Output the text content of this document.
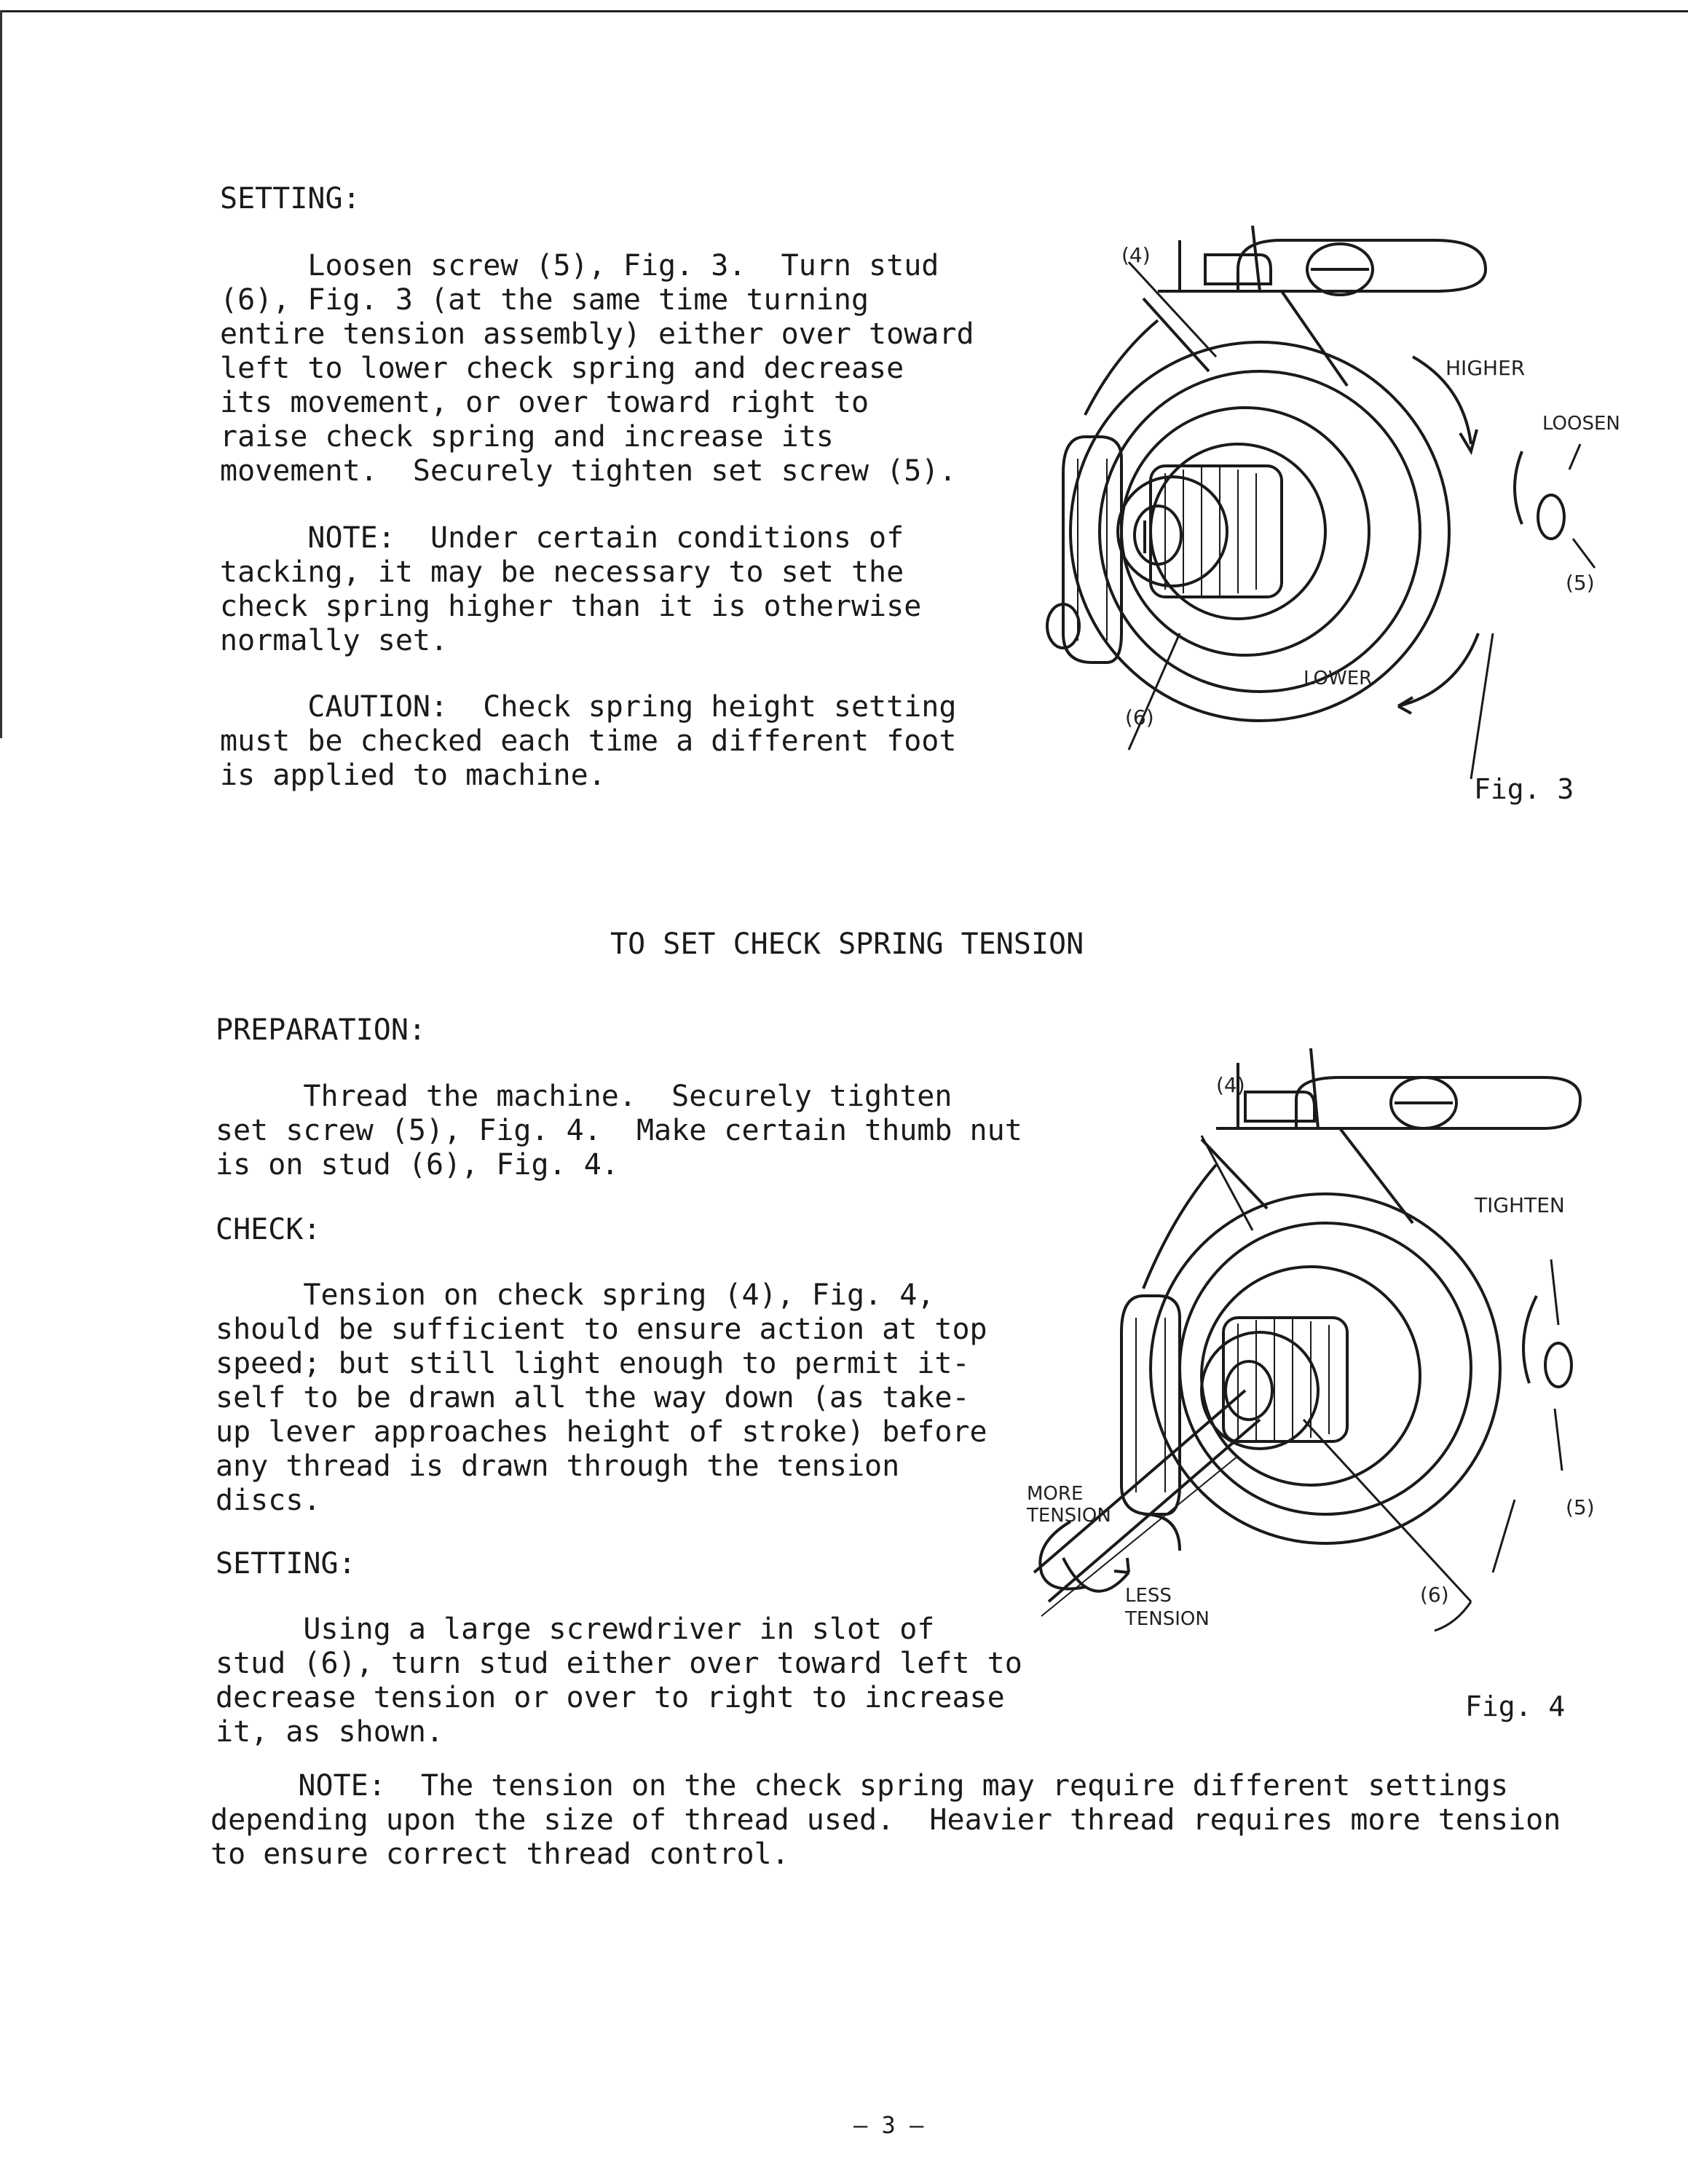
SETTING:
Loosen screw (5), Fig. 3.  Turn stud
(6), Fig. 3 (at the same time turning
entire tension assembly) either over toward
left to lower check spring and decrease
its movement, or over toward right to
raise check spring and increase its
movement.  Securely tighten set screw (5).
NOTE:  Under certain conditions of
tacking, it may be necessary to set the
check spring higher than it is otherwise
normally set.
CAUTION:  Check spring height setting
must be checked each time a different foot
is applied to machine.
(4)
HIGHER
LOOSEN
(5)
LOWER
(6)
Fig. 3
TO SET CHECK SPRING TENSION
PREPARATION:
Thread the machine.  Securely tighten
set screw (5), Fig. 4.  Make certain thumb nut
is on stud (6), Fig. 4.
CHECK:
Tension on check spring (4), Fig. 4,
should be sufficient to ensure action at top
speed; but still light enough to permit it-
self to be drawn all the way down (as take-
up lever approaches height of stroke) before
any thread is drawn through the tension
discs.
SETTING:
Using a large screwdriver in slot of
stud (6), turn stud either over toward left to
decrease tension or over to right to increase
it, as shown.
(4)
TIGHTEN
MORE
TENSION	(5)
LESS
TENSION
(6)
Fig. 4
NOTE:  The tension on the check spring may require different settings
depending upon the size of thread used.  Heavier thread requires more tension
to ensure correct thread control.
— 3 —
